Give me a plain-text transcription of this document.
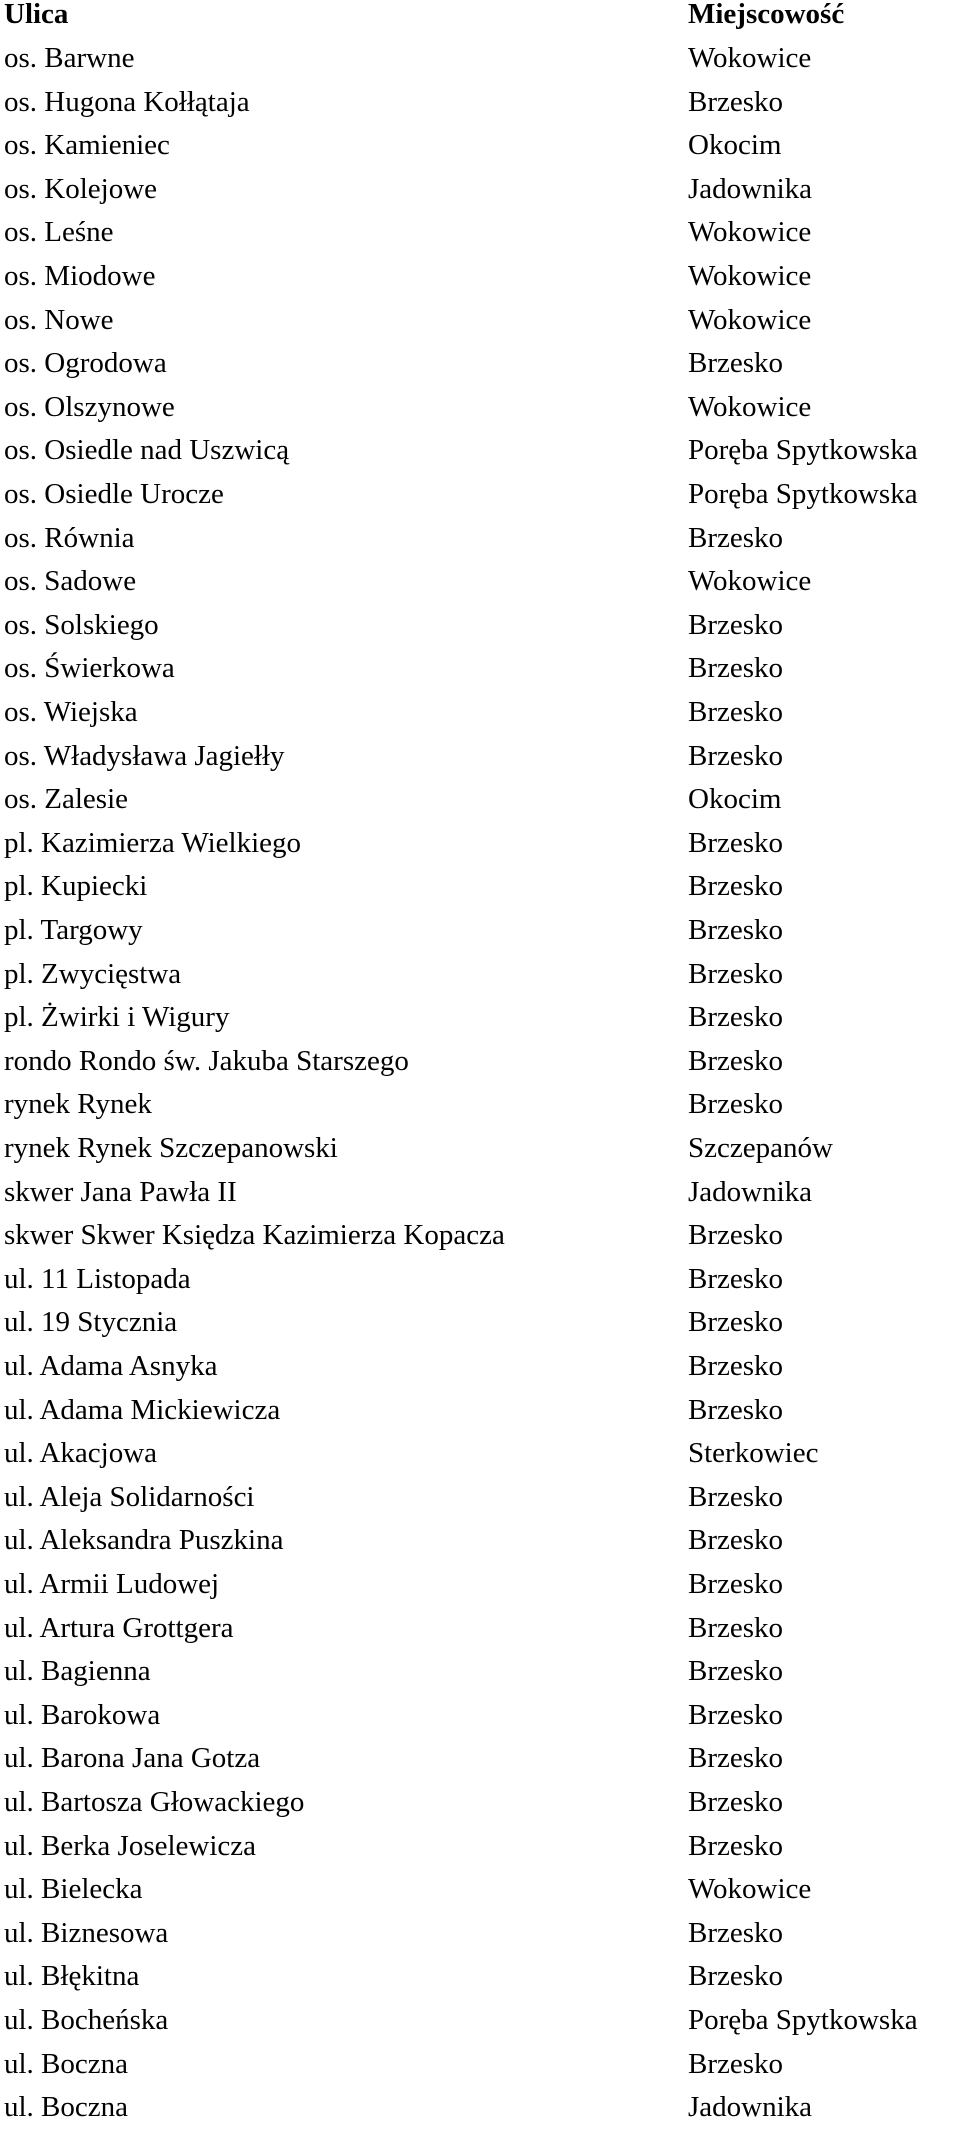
Ulica	Miejscowość
os. Barwne	Wokowice
os. Hugona Kołłątaja	Brzesko
os. Kamieniec	Okocim
os. Kolejowe	Jadownika
os. Leśne	Wokowice
os. Miodowe	Wokowice
os. Nowe	Wokowice
os. Ogrodowa	Brzesko
os. Olszynowe	Wokowice
os. Osiedle nad Uszwicą	Poręba Spytkowska
os. Osiedle Urocze	Poręba Spytkowska
os. Równia	Brzesko
os. Sadowe	Wokowice
os. Solskiego	Brzesko
os. Świerkowa	Brzesko
os. Wiejska	Brzesko
os. Władysława Jagiełły	Brzesko
os. Zalesie	Okocim
pl. Kazimierza Wielkiego	Brzesko
pl. Kupiecki	Brzesko
pl. Targowy	Brzesko
pl. Zwycięstwa	Brzesko
pl. Żwirki i Wigury	Brzesko
rondo Rondo św. Jakuba Starszego	Brzesko
rynek Rynek	Brzesko
rynek Rynek Szczepanowski	Szczepanów
skwer Jana Pawła II	Jadownika
skwer Skwer Księdza Kazimierza Kopacza	Brzesko
ul. 11 Listopada	Brzesko
ul. 19 Stycznia	Brzesko
ul. Adama Asnyka	Brzesko
ul. Adama Mickiewicza	Brzesko
ul. Akacjowa	Sterkowiec
ul. Aleja Solidarności	Brzesko
ul. Aleksandra Puszkina	Brzesko
ul. Armii Ludowej	Brzesko
ul. Artura Grottgera	Brzesko
ul. Bagienna	Brzesko
ul. Barokowa	Brzesko
ul. Barona Jana Gotza	Brzesko
ul. Bartosza Głowackiego	Brzesko
ul. Berka Joselewicza	Brzesko
ul. Bielecka	Wokowice
ul. Biznesowa	Brzesko
ul. Błękitna	Brzesko
ul. Bocheńska	Poręba Spytkowska
ul. Boczna	Brzesko
ul. Boczna	Jadownika
